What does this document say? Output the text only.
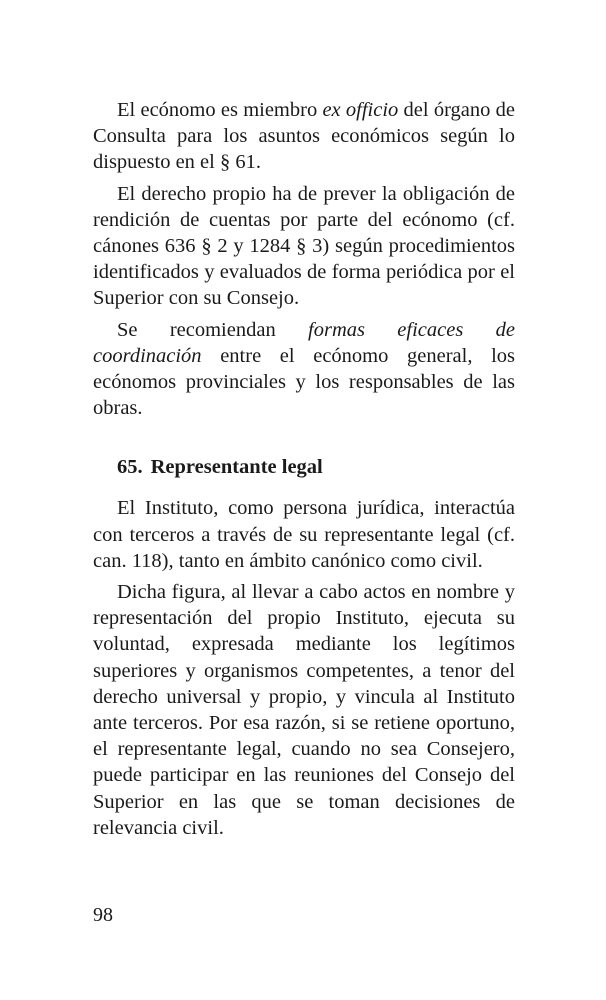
El ecónomo es miembro ex officio del órgano de Consulta para los asuntos económicos según lo dispuesto en el § 61.

El derecho propio ha de prever la obligación de rendición de cuentas por parte del ecónomo (cf. cánones 636 § 2 y 1284 § 3) según procedimientos identificados y evaluados de forma periódica por el Superior con su Consejo.

Se recomiendan formas eficaces de coordinación entre el ecónomo general, los ecónomos provinciales y los responsables de las obras.

65. Representante legal

El Instituto, como persona jurídica, interactúa con terceros a través de su representante legal (cf. can. 118), tanto en ámbito canónico como civil.

Dicha figura, al llevar a cabo actos en nombre y representación del propio Instituto, ejecuta su voluntad, expresada mediante los legítimos superiores y organismos competentes, a tenor del derecho universal y propio, y vincula al Instituto ante terceros. Por esa razón, si se retiene oportuno, el representante legal, cuando no sea Consejero, puede participar en las reuniones del Consejo del Superior en las que se toman decisiones de relevancia civil.

98
